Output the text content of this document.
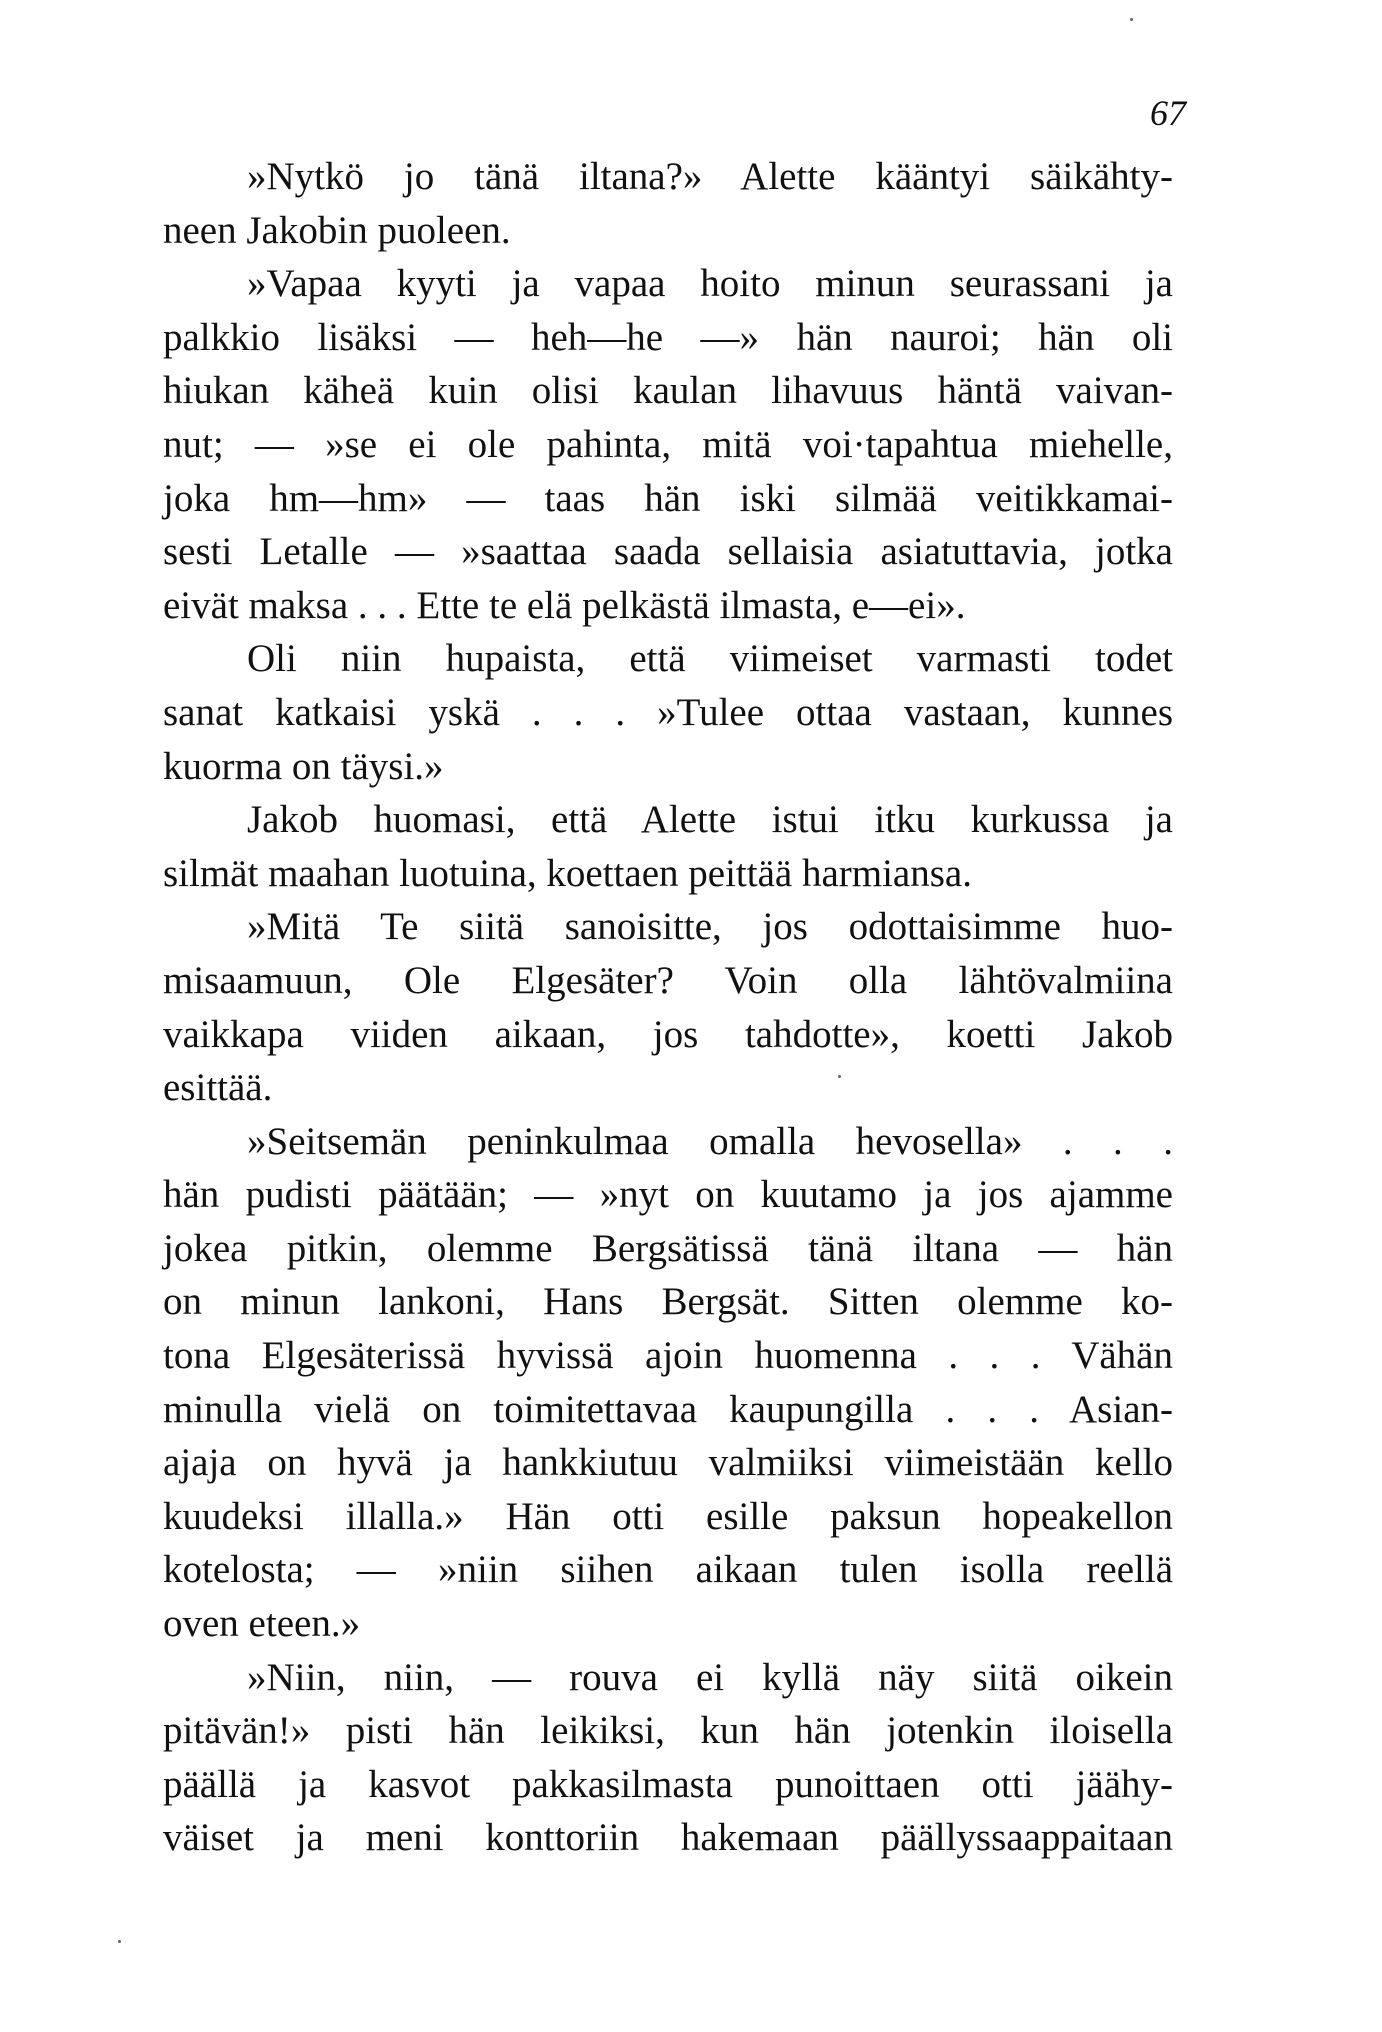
67
»Nytkö jo tänä iltana?» Alette kääntyi säikähty-
neen Jakobin puoleen.
»Vapaa kyyti ja vapaa hoito minun seurassani ja
palkkio lisäksi — heh—he —» hän nauroi; hän oli
hiukan käheä kuin olisi kaulan lihavuus häntä vaivan-
nut; — »se ei ole pahinta, mitä voi·tapahtua miehelle,
joka hm—hm» — taas hän iski silmää veitikkamai-
sesti Letalle — »saattaa saada sellaisia asiatuttavia, jotka
eivät maksa . . . Ette te elä pelkästä ilmasta, e—ei».
Oli niin hupaista, että viimeiset varmasti todet
sanat katkaisi yskä . . . »Tulee ottaa vastaan, kunnes
kuorma on täysi.»
Jakob huomasi, että Alette istui itku kurkussa ja
silmät maahan luotuina, koettaen peittää harmiansa.
»Mitä Te siitä sanoisitte, jos odottaisimme huo-
misaamuun, Ole Elgesäter? Voin olla lähtövalmiina
vaikkapa viiden aikaan, jos tahdotte», koetti Jakob
esittää.
»Seitsemän peninkulmaa omalla hevosella» . . .
hän pudisti päätään; — »nyt on kuutamo ja jos ajamme
jokea pitkin, olemme Bergsätissä tänä iltana — hän
on minun lankoni, Hans Bergsät. Sitten olemme ko-
tona Elgesäterissä hyvissä ajoin huomenna . . . Vähän
minulla vielä on toimitettavaa kaupungilla . . . Asian-
ajaja on hyvä ja hankkiutuu valmiiksi viimeistään kello
kuudeksi illalla.» Hän otti esille paksun hopeakellon
kotelosta; — »niin siihen aikaan tulen isolla reellä
oven eteen.»
»Niin, niin, — rouva ei kyllä näy siitä oikein
pitävän!» pisti hän leikiksi, kun hän jotenkin iloisella
päällä ja kasvot pakkasilmasta punoittaen otti jäähy-
väiset ja meni konttoriin hakemaan päällyssaappaitaan
